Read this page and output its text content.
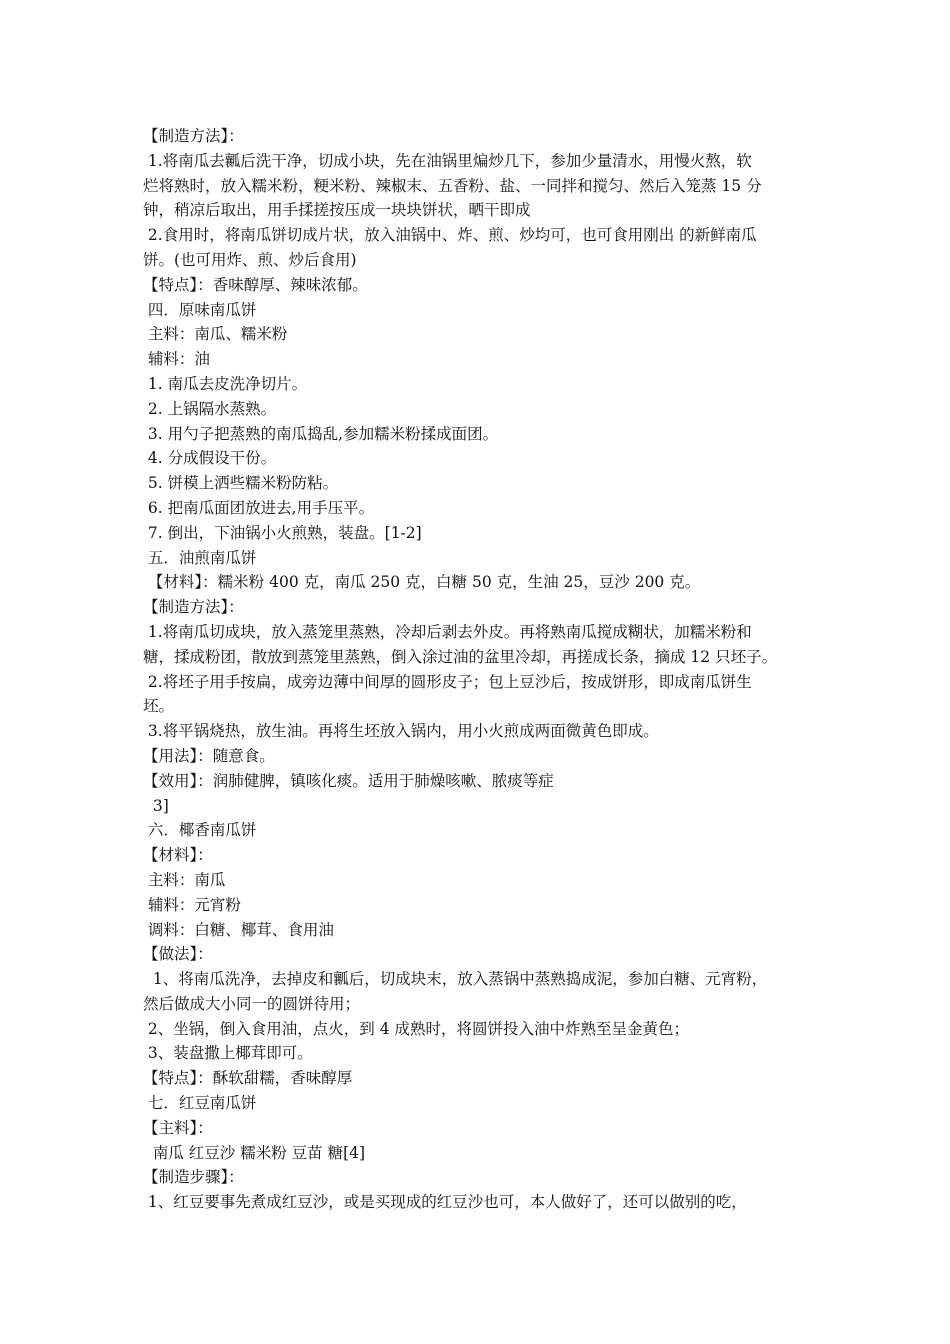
【制造方法】：
1.将南瓜去瓤后洗干净，切成小块，先在油锅里煸炒几下，参加少量清水，用慢火熬，软
烂将熟时，放入糯米粉，粳米粉、辣椒末、五香粉、盐、一同拌和搅匀、然后入笼蒸 15 分
钟，稍凉后取出，用手揉搓按压成一块块饼状，晒干即成
2.食用时，将南瓜饼切成片状，放入油锅中、炸、煎、炒均可，也可食用刚出 的新鲜南瓜
饼。(也可用炸、煎、炒后食用)
【特点】：香味醇厚、辣味浓郁。
四．原味南瓜饼
主料：南瓜、糯米粉
辅料：油
1. 南瓜去皮洗净切片。
2. 上锅隔水蒸熟。
3. 用勺子把蒸熟的南瓜捣乱,参加糯米粉揉成面团。
4. 分成假设干份。
5. 饼模上洒些糯米粉防粘。
6. 把南瓜面团放进去,用手压平。
7. 倒出，下油锅小火煎熟，装盘。[1-2]
五．油煎南瓜饼
【材料】：糯米粉 400 克，南瓜 250 克，白糖 50 克，生油 25，豆沙 200 克。
【制造方法】：
1.将南瓜切成块，放入蒸笼里蒸熟，冷却后剥去外皮。再将熟南瓜搅成糊状，加糯米粉和
糖，揉成粉团，散放到蒸笼里蒸熟，倒入涂过油的盆里冷却，再搓成长条，摘成 12 只坯子。
2.将坯子用手按扁，成旁边薄中间厚的圆形皮子；包上豆沙后，按成饼形，即成南瓜饼生
坯。
3.将平锅烧热，放生油。再将生坯放入锅内，用小火煎成两面微黄色即成。
【用法】：随意食。
【效用】：润肺健脾，镇咳化痰。适用于肺燥咳嗽、脓痰等症
3]
六．椰香南瓜饼
【材料】：
主料：南瓜
辅料：元宵粉
调料：白糖、椰茸、食用油
【做法】：
1、将南瓜洗净，去掉皮和瓤后，切成块末，放入蒸锅中蒸熟捣成泥，参加白糖、元宵粉，
然后做成大小同一的圆饼待用；
2、坐锅，倒入食用油，点火，到 4 成熟时，将圆饼投入油中炸熟至呈金黄色；
3、装盘撒上椰茸即可。
【特点】：酥软甜糯，香味醇厚
七．红豆南瓜饼
【主料】：
南瓜 红豆沙 糯米粉 豆苗 糖[4]
【制造步骤】：
1、红豆要事先煮成红豆沙，或是买现成的红豆沙也可，本人做好了，还可以做别的吃，
